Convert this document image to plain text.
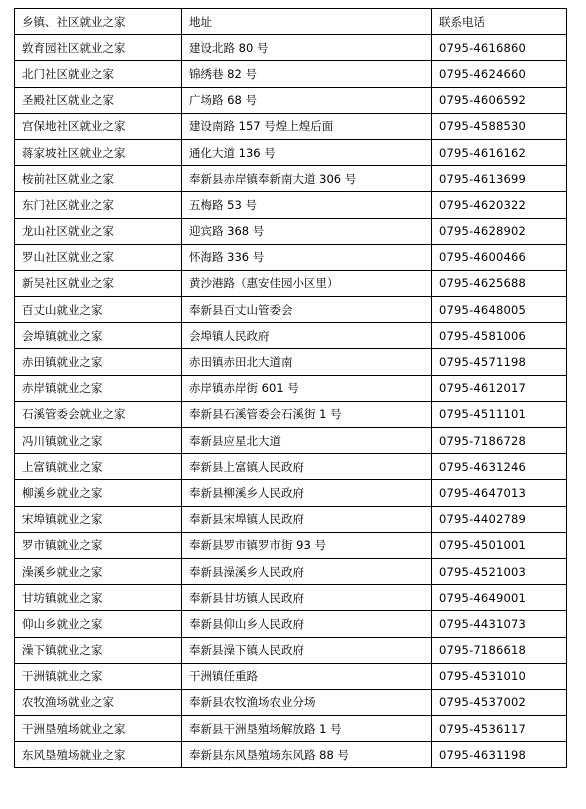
乡镇、社区就业之家	地址	联系电话
敦育园社区就业之家	建设北路 80 号	0795-4616860
北门社区就业之家	锦绣巷 82 号	0795-4624660
圣殿社区就业之家	广场路 68 号	0795-4606592
宫保地社区就业之家	建设南路 157 号煌上煌后面	0795-4588530
蒋家坡社区就业之家	通化大道 136 号	0795-4616162
桉前社区就业之家	奉新县赤岸镇奉新南大道 306 号	0795-4613699
东门社区就业之家	五梅路 53 号	0795-4620322
龙山社区就业之家	迎宾路 368 号	0795-4628902
罗山社区就业之家	怀海路 336 号	0795-4600466
新吴社区就业之家	黄沙港路（惠安佳园小区里）	0795-4625688
百丈山就业之家	奉新县百丈山管委会	0795-4648005
会埠镇就业之家	会埠镇人民政府	0795-4581006
赤田镇就业之家	赤田镇赤田北大道南	0795-4571198
赤岸镇就业之家	赤岸镇赤岸街 601 号	0795-4612017
石溪管委会就业之家	奉新县石溪管委会石溪街 1 号	0795-4511101
冯川镇就业之家	奉新县应星北大道	0795-7186728
上富镇就业之家	奉新县上富镇人民政府	0795-4631246
柳溪乡就业之家	奉新县柳溪乡人民政府	0795-4647013
宋埠镇就业之家	奉新县宋埠镇人民政府	0795-4402789
罗市镇就业之家	奉新县罗市镇罗市街 93 号	0795-4501001
澡溪乡就业之家	奉新县澡溪乡人民政府	0795-4521003
甘坊镇就业之家	奉新县甘坊镇人民政府	0795-4649001
仰山乡就业之家	奉新县仰山乡人民政府	0795-4431073
澡下镇就业之家	奉新县澡下镇人民政府	0795-7186618
干洲镇就业之家	干洲镇任重路	0795-4531010
农牧渔场就业之家	奉新县农牧渔场农业分场	0795-4537002
干洲垦殖场就业之家	奉新县干洲垦殖场解放路 1 号	0795-4536117
东风垦殖场就业之家	奉新县东风垦殖场东风路 88 号	0795-4631198
